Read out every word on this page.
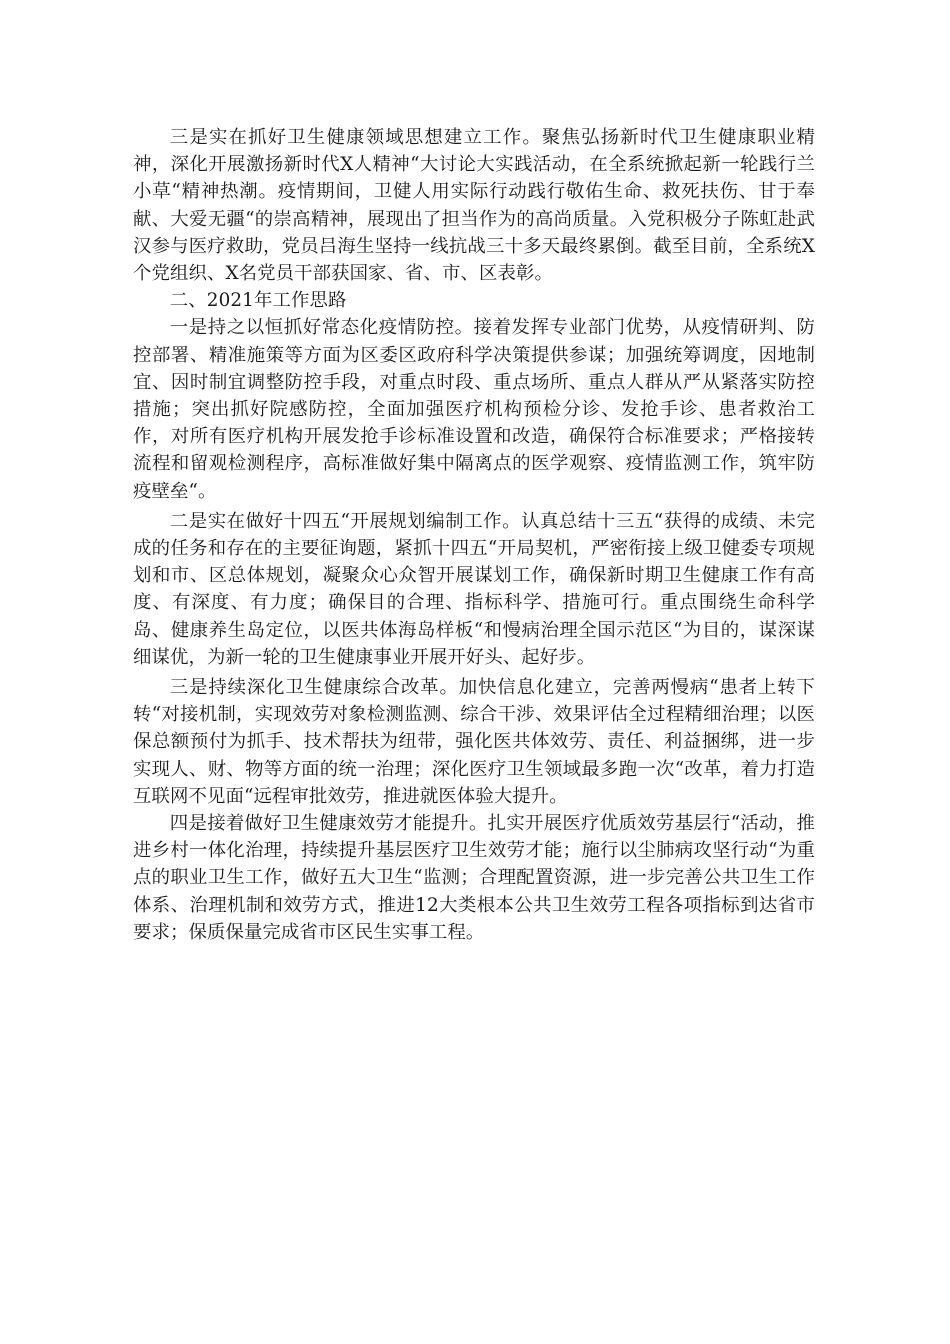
三是实在抓好卫生健康领域思想建立工作。聚焦弘扬新时代卫生健康职业精神，深化开展激扬新时代X人精神“大讨论大实践活动，在全系统掀起新一轮践行兰小草“精神热潮。疫情期间，卫健人用实际行动践行敬佑生命、救死扶伤、甘于奉献、大爱无疆“的崇高精神，展现出了担当作为的高尚质量。入党积极分子陈虹赴武汉参与医疗救助，党员吕海生坚持一线抗战三十多天最终累倒。截至目前，全系统X个党组织、X名党员干部获国家、省、市、区表彰。

二、2021年工作思路

一是持之以恒抓好常态化疫情防控。接着发挥专业部门优势，从疫情研判、防控部署、精准施策等方面为区委区政府科学决策提供参谋；加强统筹调度，因地制宜、因时制宜调整防控手段，对重点时段、重点场所、重点人群从严从紧落实防控措施；突出抓好院感防控，全面加强医疗机构预检分诊、发抢手诊、患者救治工作，对所有医疗机构开展发抢手诊标准设置和改造，确保符合标准要求；严格接转流程和留观检测程序，高标准做好集中隔离点的医学观察、疫情监测工作，筑牢防疫壁垒“。

二是实在做好十四五“开展规划编制工作。认真总结十三五“获得的成绩、未完成的任务和存在的主要征询题，紧抓十四五“开局契机，严密衔接上级卫健委专项规划和市、区总体规划，凝聚众心众智开展谋划工作，确保新时期卫生健康工作有高度、有深度、有力度；确保目的合理、指标科学、措施可行。重点围绕生命科学岛、健康养生岛定位，以医共体海岛样板“和慢病治理全国示范区“为目的，谋深谋细谋优，为新一轮的卫生健康事业开展开好头、起好步。

三是持续深化卫生健康综合改革。加快信息化建立，完善两慢病“患者上转下转“对接机制，实现效劳对象检测监测、综合干涉、效果评估全过程精细治理；以医保总额预付为抓手、技术帮扶为纽带，强化医共体效劳、责任、利益捆绑，进一步实现人、财、物等方面的统一治理；深化医疗卫生领域最多跑一次“改革，着力打造互联网不见面“远程审批效劳，推进就医体验大提升。

四是接着做好卫生健康效劳才能提升。扎实开展医疗优质效劳基层行“活动，推进乡村一体化治理，持续提升基层医疗卫生效劳才能；施行以尘肺病攻坚行动“为重点的职业卫生工作，做好五大卫生“监测；合理配置资源，进一步完善公共卫生工作体系、治理机制和效劳方式，推进12大类根本公共卫生效劳工程各项指标到达省市要求；保质保量完成省市区民生实事工程。
